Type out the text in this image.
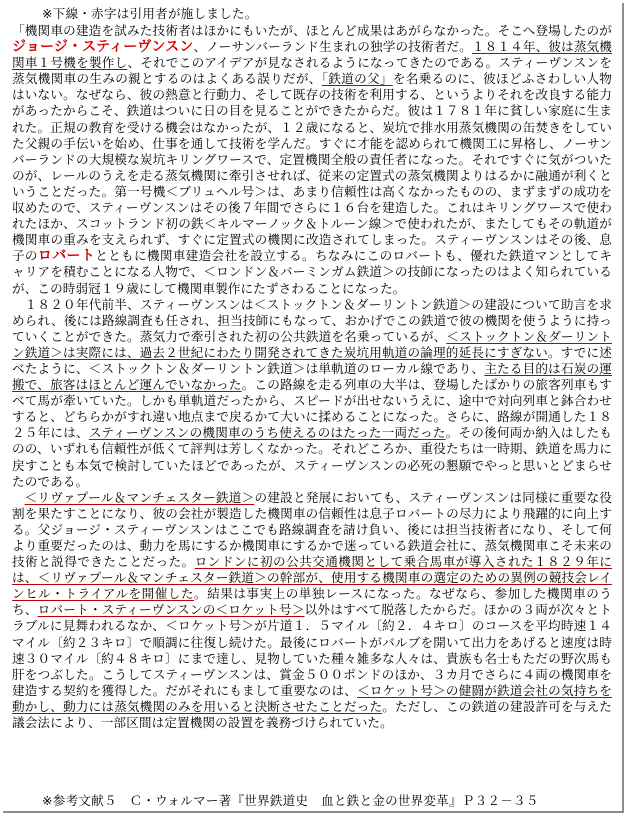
※下線・赤字は引用者が施しました。

「機関車の建造を試みた技術者はほかにもいたが、ほとんど成果はあがらなかった。そこへ登場したのがジョージ・スティーヴンスン、ノーサンバーランド生まれの独学の技術者だ。１８１４年、彼は蒸気機関車１号機を製作し、それでこのアイデアが見なされるようになってきたのである。スティーヴンスンを蒸気機関車の生みの親とするのはよくある誤りだが、「鉄道の父」を名乗るのに、彼ほどふさわしい人物はいない。なぜなら、彼の熱意と行動力、そして既存の技術を利用する、というよりそれを改良する能力があったからこそ、鉄道はついに日の目を見ることができたからだ。彼は１７８１年に貧しい家庭に生まれた。正規の教育を受ける機会はなかったが、１２歳になると、炭坑で排水用蒸気機関の缶焚きをしていた父親の手伝いを始め、仕事を通して技術を学んだ。すぐに才能を認められて機関工に昇格し、ノーサンバーランドの大規模な炭坑キリングワースで、定置機関全般の責任者になった。それですぐに気がついたのが、レールのうえを走る蒸気機関に牽引させれば、従来の定置式の蒸気機関よりはるかに融通が利くということだった。第一号機＜ブリュヘル号＞は、あまり信頼性は高くなかったものの、まずまずの成功を収めたので、スティーヴンスンはその後７年間でさらに１６台を建造した。これはキリングワースで使われたほか、スコットランド初の鉄＜キルマーノック＆トルーン線＞で使われたが、またしてもその軌道が機関車の重みを支えられず、すぐに定置式の機関に改造されてしまった。スティーヴンスンはその後、息子のロバートとともに機関車建造会社を設立する。ちなみにこのロバートも、優れた鉄道マンとしてキャリアを積むことになる人物で、＜ロンドン＆バーミンガム鉄道＞の技師になったのはよく知られているが、この時弱冠１９歳にして機関車製作にたずさわることになった。

１８２０年代前半、スティーヴンスンは＜ストックトン＆ダーリントン鉄道＞の建設について助言を求められ、後には路線調査も任され、担当技師にもなって、おかげでこの鉄道で彼の機関を使うように持っていくことができた。蒸気力で牽引された初の公共鉄道を名乗っているが、＜ストックトン＆ダーリントン鉄道＞は実際には、過去２世紀にわたり開発されてきた炭坑用軌道の論理的延長にすぎない。すでに述べたように、＜ストックトン＆ダーリントン鉄道＞は単軌道のローカル線であり、主たる目的は石炭の運搬で、旅客はほとんど運んでいなかった。この路線を走る列車の大半は、登場したばかりの旅客列車もすべて馬が牽いていた。しかも単軌道だったから、スピードが出せないうえに、途中で対向列車と鉢合わせすると、どちらかがすれ違い地点まで戻るかて大いに揉めることになった。さらに、路線が開通した１８２５年には、スティーヴンスンの機関車のうち使えるのはたった一両だった。その後何両か納入はしたものの、いずれも信頼性が低くて評判は芳しくなかった。それどころか、重役たちは一時期、鉄道を馬力に戻すことも本気で検討していたほどであったが、スティーヴンスンの必死の懇願でやっと思いとどまらせたのである。

＜リヴァプール＆マンチェスター鉄道＞の建設と発展においても、スティーヴンスンは同様に重要な役割を果たすことになり、彼の会社が製造した機関車の信頼性は息子ロバートの尽力により飛躍的に向上する。父ジョージ・スティーヴンスンはここでも路線調査を請け負い、後には担当技術者になり、そして何より重要だったのは、動力を馬にするか機関車にするかで迷っている鉄道会社に、蒸気機関車こそ未来の技術と説得できたことだった。ロンドンに初の公共交通機関として乗合馬車が導入された１８２９年には、＜リヴァプール＆マンチェスター鉄道＞の幹部が、使用する機関車の選定のための異例の競技会レインヒル・トライアルを開催した。結果は事実上の単独レースになった。なぜなら、参加した機関車のうち、ロバート・スティーヴンスンの＜ロケット号＞以外はすべて脱落したからだ。ほかの３両が次々とトラブルに見舞われるなか、＜ロケット号＞が片道１．５マイル〔約２．４キロ〕のコースを平均時速１４マイル〔約２３キロ〕で順調に往復し続けた。最後にロバートがバルブを開いて出力をあげると速度は時速３０マイル〔約４８キロ〕にまで達し、見物していた種々雑多な人々は、貴族も名士もただの野次馬も肝をつぶした。こうしてスティーヴンスンは、賞金５００ポンドのほか、３カ月でさらに４両の機関車を建造する契約を獲得した。だがそれにもまして重要なのは、＜ロケット号＞の健闘が鉄道会社の気持ちを動かし、動力には蒸気機関のみを用いると決断させたことだった。ただし、この鉄道の建設許可を与えた議会法により、一部区間は定置機関の設置を義務づけられていた。

※参考文献５　Ｃ・ウォルマー著『世界鉄道史　血と鉄と金の世界変革』Ｐ３２－３５
